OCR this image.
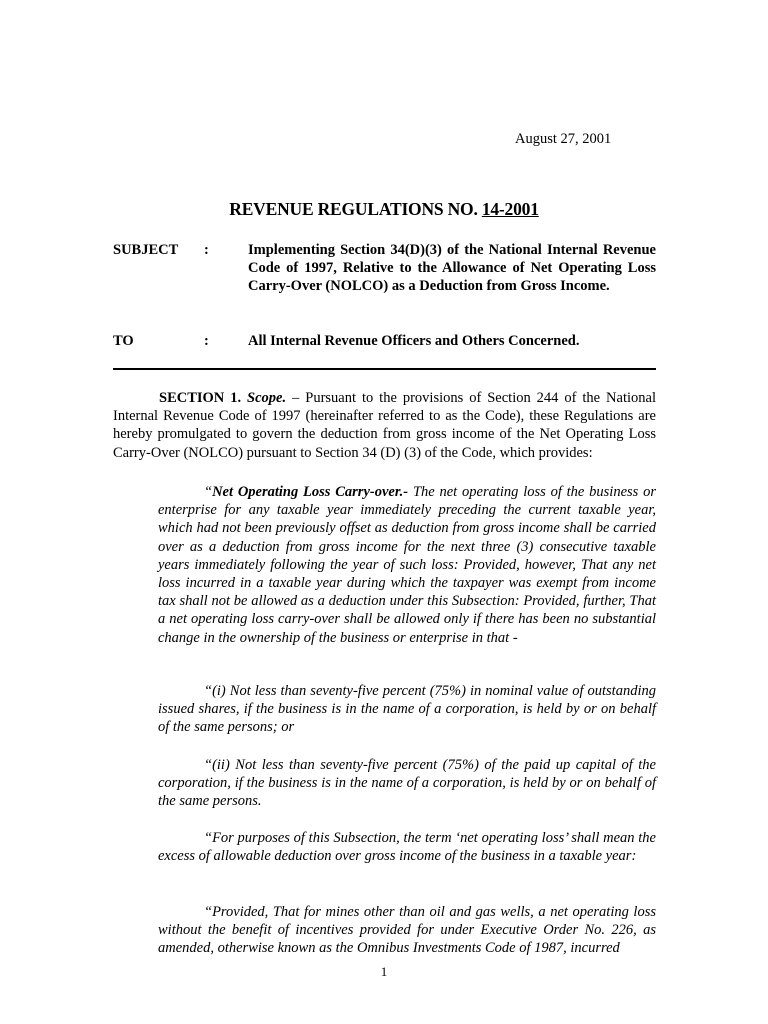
August 27, 2001
REVENUE REGULATIONS NO. 14-2001
SUBJECT :	Implementing Section 34(D)(3) of the National Internal Revenue Code of 1997, Relative to the Allowance of Net Operating Loss Carry-Over (NOLCO) as a Deduction from Gross Income.
TO	:	All Internal Revenue Officers and Others Concerned.
SECTION 1. Scope. – Pursuant to the provisions of Section 244 of the National Internal Revenue Code of 1997 (hereinafter referred to as the Code), these Regulations are hereby promulgated to govern the deduction from gross income of the Net Operating Loss Carry-Over (NOLCO) pursuant to Section 34 (D) (3) of the Code, which provides:
“Net Operating Loss Carry-over.- The net operating loss of the business or enterprise for any taxable year immediately preceding the current taxable year, which had not been previously offset as deduction from gross income shall be carried over as a deduction from gross income for the next three (3) consecutive taxable years immediately following the year of such loss: Provided, however, That any net loss incurred in a taxable year during which the taxpayer was exempt from income tax shall not be allowed as a deduction under this Subsection: Provided, further, That a net operating loss carry-over shall be allowed only if there has been no substantial change in the ownership of the business or enterprise in that -
“(i) Not less than seventy-five percent (75%) in nominal value of outstanding issued shares, if the business is in the name of a corporation, is held by or on behalf of the same persons; or
“(ii) Not less than seventy-five percent (75%) of the paid up capital of the corporation, if the business is in the name of a corporation, is held by or on behalf of the same persons.
“For purposes of this Subsection, the term ‘net operating loss’ shall mean the excess of allowable deduction over gross income of the business in a taxable year:
“Provided, That for mines other than oil and gas wells, a net operating loss without the benefit of incentives provided for under Executive Order No. 226, as amended, otherwise known as the Omnibus Investments Code of 1987, incurred
1
